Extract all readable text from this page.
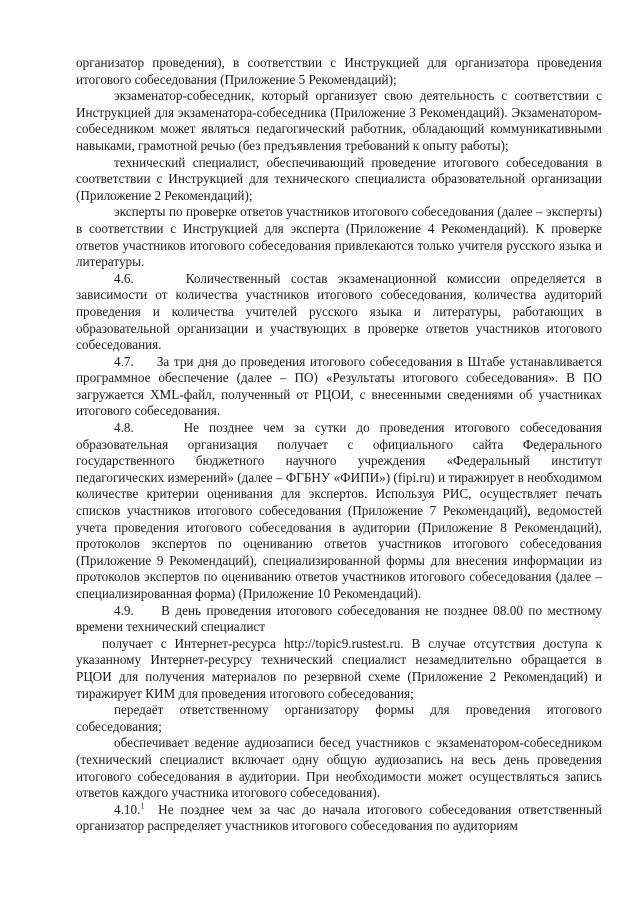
организатор проведения), в соответствии с Инструкцией для организатора проведения итогового собеседования (Приложение 5 Рекомендаций);

экзаменатор-собеседник, который организует свою деятельность с соответствии с Инструкцией для экзаменатора-собеседника (Приложение 3 Рекомендаций). Экзаменатором-собеседником может являться педагогический работник, обладающий коммуникативными навыками, грамотной речью (без предъявления требований к опыту работы);

технический специалист, обеспечивающий проведение итогового собеседования в соответствии с Инструкцией для технического специалиста образовательной организации (Приложение 2 Рекомендаций);

эксперты по проверке ответов участников итогового собеседования (далее – эксперты) в соответствии с Инструкцией для эксперта (Приложение 4 Рекомендаций). К проверке ответов участников итогового собеседования привлекаются только учителя русского языка и литературы.

4.6.	Количественный состав экзаменационной комиссии определяется в зависимости от количества участников итогового собеседования, количества аудиторий проведения и количества учителей русского языка и литературы, работающих в образовательной организации и участвующих в проверке ответов участников итогового собеседования.

4.7. За три дня до проведения итогового собеседования в Штабе устанавливается программное обеспечение (далее – ПО) «Результаты итогового собеседования». В ПО загружается XML-файл, полученный от РЦОИ, с внесенными сведениями об участниках итогового собеседования.

4.8.	Не позднее чем за сутки до проведения итогового собеседования образовательная организация получает с официального сайта Федерального государственного бюджетного научного учреждения «Федеральный институт педагогических измерений» (далее – ФГБНУ «ФИПИ») (fipi.ru) и тиражирует в необходимом количестве критерии оценивания для экспертов. Используя РИС, осуществляет печать списков участников итогового собеседования (Приложение 7 Рекомендаций), ведомостей учета проведения итогового собеседования в аудитории (Приложение 8 Рекомендаций), протоколов экспертов по оцениванию ответов участников итогового собеседования (Приложение 9 Рекомендаций), специализированной формы для внесения информации из протоколов экспертов по оцениванию ответов участников итогового собеседования (далее – специализированная форма) (Приложение 10 Рекомендаций).

4.9. В день проведения итогового собеседования не позднее 08.00 по местному времени технический специалист

получает с Интернет-ресурса http://topic9.rustest.ru. В случае отсутствия доступа к указанному Интернет-ресурсу технический специалист незамедлительно обращается в РЦОИ для получения материалов по резервной схеме (Приложение 2 Рекомендаций) и тиражирует КИМ для проведения итогового собеседования;

передаёт ответственному организатору формы для проведения итогового собеседования;

обеспечивает ведение аудиозаписи бесед участников с экзаменатором-собеседником (технический специалист включает одну общую аудиозапись на весь день проведения итогового собеседования в аудитории. При необходимости может осуществляться запись ответов каждого участника итогового собеседования).

4.10.$^1$ Не позднее чем за час до начала итогового собеседования ответственный организатор распределяет участников итогового собеседования по аудиториям
